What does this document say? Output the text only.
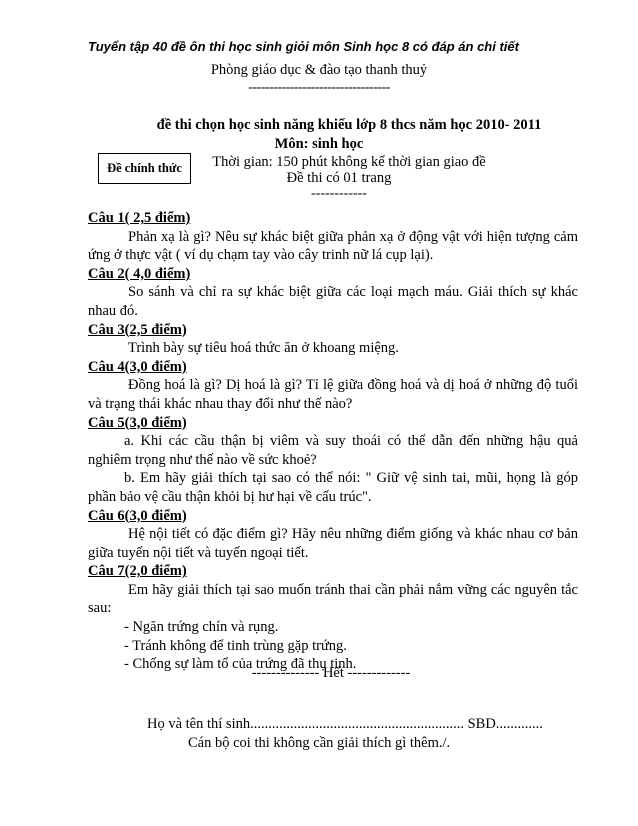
Tuyển tập 40 đề ôn thi học sinh giỏi môn Sinh học 8 có đáp án chi tiết
Phòng giáo dục & đào tạo thanh thuỷ
----------------------------------
đề thi chọn học sinh năng khiếu lớp 8 thcs năm học 2010- 2011
Môn: sinh học
Thời gian: 150 phút không kể thời gian giao đề
Đề thi có 01 trang
------------
Đề chính thức

Câu 1( 2,5 điểm)

Phản xạ là gì? Nêu sự khác biệt giữa phản xạ ở động vật với hiện tượng cảm ứng ở thực vật ( ví dụ chạm tay vào cây trinh nữ lá cụp lại).

Câu 2( 4,0 điểm)

So sánh và chỉ ra sự khác biệt giữa các loại mạch máu. Giải thích sự khác nhau đó.

Câu 3(2,5 điểm)

Trình bày sự tiêu hoá thức ăn ở khoang miệng.

Câu 4(3,0 điểm)

Đồng hoá là gì? Dị hoá là gì? Tỉ lệ giữa đồng hoá và dị hoá ở những độ tuổi và trạng thái khác nhau thay đổi như thế nào?

Câu 5(3,0 điểm)

a. Khi các cầu thận bị viêm và suy thoái có thể dẫn đến những hậu quả nghiêm trọng như thế nào về sức khoẻ?

b. Em hãy giải thích tại sao có thể nói: " Giữ vệ sinh tai, mũi, họng là góp phần bảo vệ cầu thận khỏi bị hư hại về cấu trúc".

Câu 6(3,0 điểm)

Hệ nội tiết có đặc điểm gì? Hãy nêu những điểm giống và khác nhau cơ bản giữa tuyến nội tiết và tuyến ngoại tiết.

Câu 7(2,0 điểm)

Em hãy giải thích tại sao muốn tránh thai cần phải nắm vững các nguyên tắc sau:

- Ngăn trứng chín và rụng.

- Tránh không để tinh trùng gặp trứng.

- Chống sự làm tổ của trứng đã thụ tinh.

-------------- Hết -------------
Họ và tên thí sinh........................................................... SBD.............
Cán bộ coi thi không cần giải thích gì thêm./.
